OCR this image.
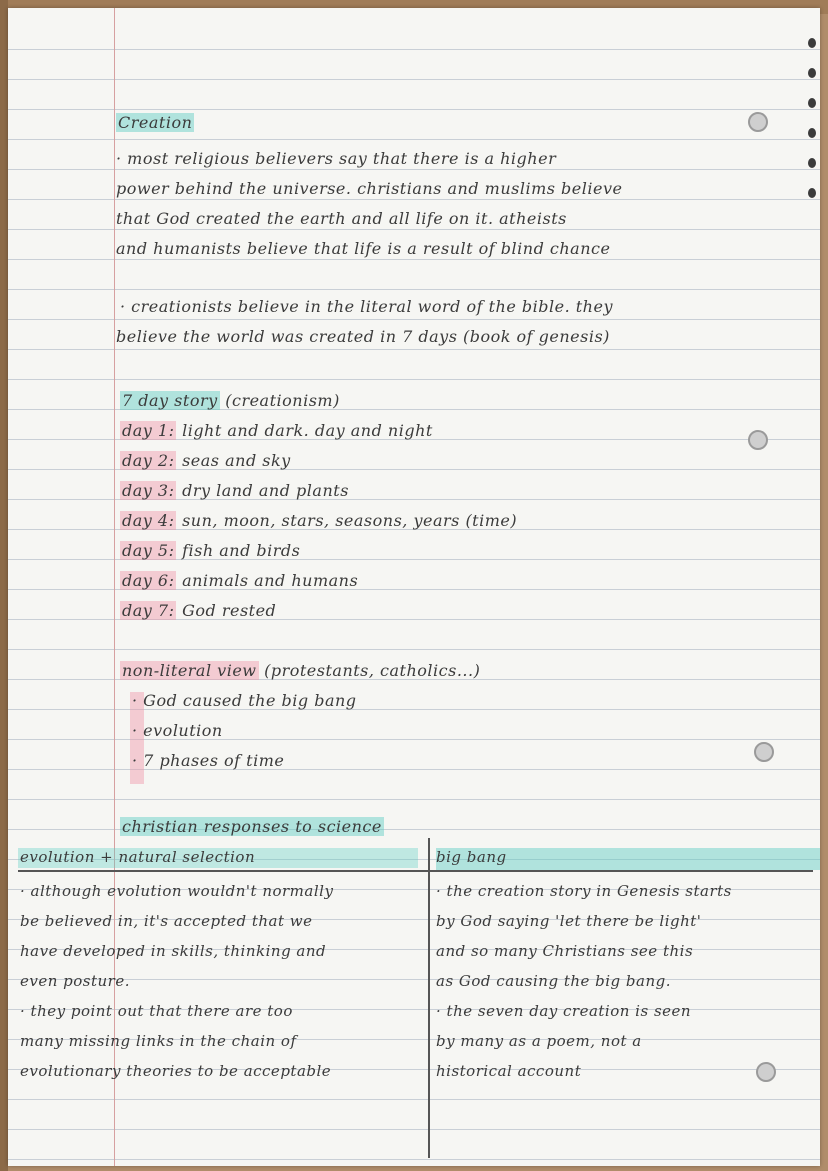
Creation
· most religious believers say that there is a higher
power behind the universe. christians and muslims believe
that God created the earth and all life on it. atheists
and humanists believe that life is a result of blind chance
· creationists believe in the literal word of the bible. they
believe the world was created in 7 days (book of genesis)
7 day story (creationism)
day 1: light and dark. day and night
day 2: seas and sky
day 3: dry land and plants
day 4: sun, moon, stars, seasons, years (time)
day 5: fish and birds
day 6: animals and humans
day 7: God rested
non-literal view (protestants, catholics...)
· God caused the big bang
· evolution
· 7 phases of time
christian responses to science
evolution + natural selection	big bang
· although evolution wouldn't normally
be believed in, it's accepted that we
have developed in skills, thinking and
even posture.
· they point out that there are too
many missing links in the chain of
evolutionary theories to be acceptable
· the creation story in Genesis starts
by God saying 'let there be light'
and so many Christians see this
as God causing the big bang.
· the seven day creation is seen
by many as a poem, not a
historical account
